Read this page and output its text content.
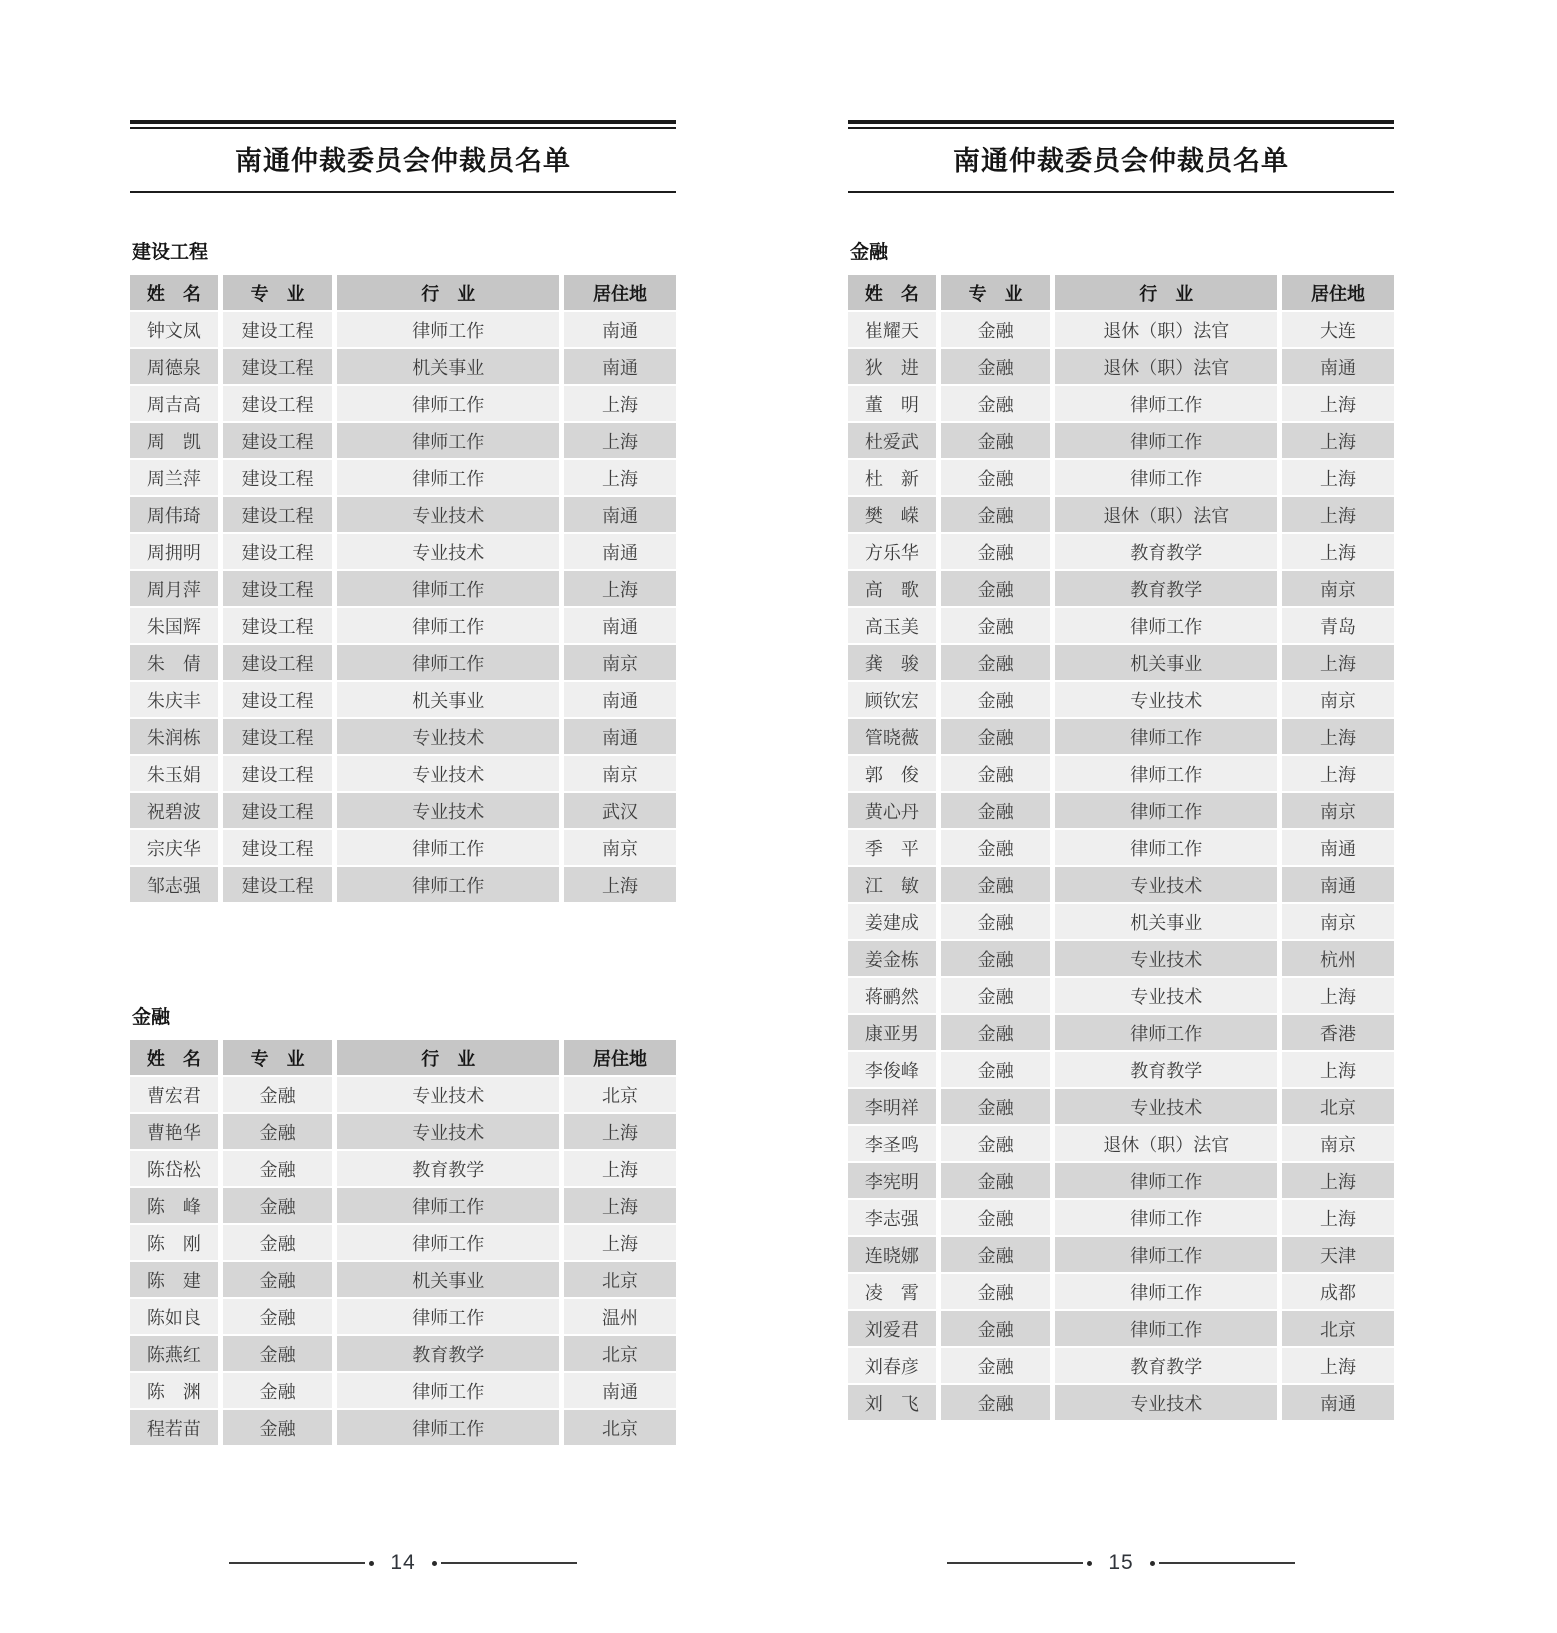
南通仲裁委员会仲裁员名单
建设工程
姓　名	专　业	行　业	居住地
钟文凤	建设工程	律师工作	南通
周德泉	建设工程	机关事业	南通
周吉高	建设工程	律师工作	上海
周　凯	建设工程	律师工作	上海
周兰萍	建设工程	律师工作	上海
周伟琦	建设工程	专业技术	南通
周拥明	建设工程	专业技术	南通
周月萍	建设工程	律师工作	上海
朱国辉	建设工程	律师工作	南通
朱　倩	建设工程	律师工作	南京
朱庆丰	建设工程	机关事业	南通
朱润栋	建设工程	专业技术	南通
朱玉娟	建设工程	专业技术	南京
祝碧波	建设工程	专业技术	武汉
宗庆华	建设工程	律师工作	南京
邹志强	建设工程	律师工作	上海
金融
姓　名	专　业	行　业	居住地
曹宏君	金融	专业技术	北京
曹艳华	金融	专业技术	上海
陈岱松	金融	教育教学	上海
陈　峰	金融	律师工作	上海
陈　刚	金融	律师工作	上海
陈　建	金融	机关事业	北京
陈如良	金融	律师工作	温州
陈燕红	金融	教育教学	北京
陈　渊	金融	律师工作	南通
程若苗	金融	律师工作	北京
南通仲裁委员会仲裁员名单
金融
姓　名	专　业	行　业	居住地
崔耀天	金融	退休（职）法官	大连
狄　进	金融	退休（职）法官	南通
董　明	金融	律师工作	上海
杜爱武	金融	律师工作	上海
杜　新	金融	律师工作	上海
樊　嵘	金融	退休（职）法官	上海
方乐华	金融	教育教学	上海
高　歌	金融	教育教学	南京
高玉美	金融	律师工作	青岛
龚　骏	金融	机关事业	上海
顾钦宏	金融	专业技术	南京
管晓薇	金融	律师工作	上海
郭　俊	金融	律师工作	上海
黄心丹	金融	律师工作	南京
季　平	金融	律师工作	南通
江　敏	金融	专业技术	南通
姜建成	金融	机关事业	南京
姜金栋	金融	专业技术	杭州
蒋鹂然	金融	专业技术	上海
康亚男	金融	律师工作	香港
李俊峰	金融	教育教学	上海
李明祥	金融	专业技术	北京
李圣鸣	金融	退休（职）法官	南京
李宪明	金融	律师工作	上海
李志强	金融	律师工作	上海
连晓娜	金融	律师工作	天津
凌　霄	金融	律师工作	成都
刘爱君	金融	律师工作	北京
刘春彦	金融	教育教学	上海
刘　飞	金融	专业技术	南通
14	15
